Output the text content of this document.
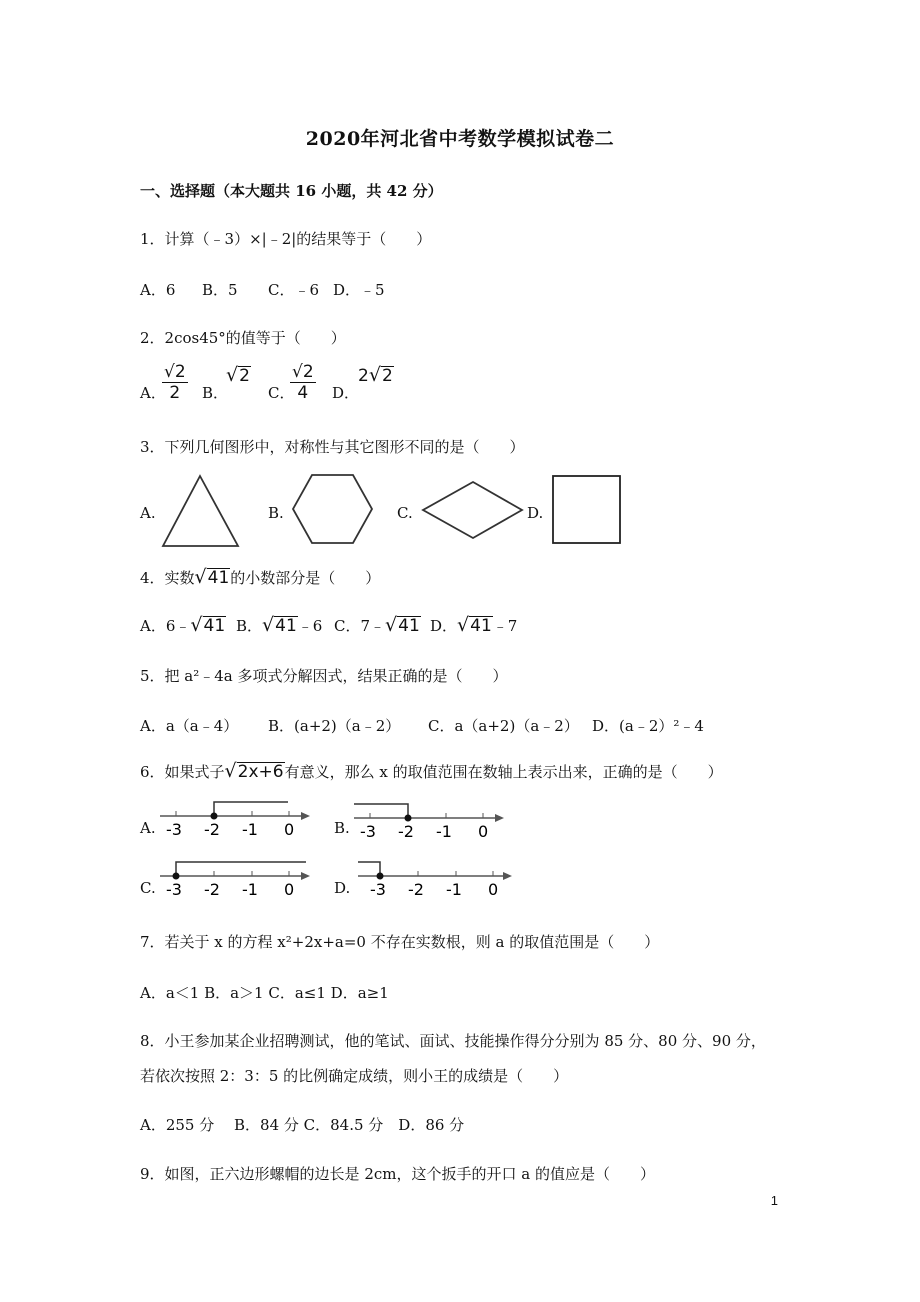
2020年河北省中考数学模拟试卷二
一、选择题（本大题共 16 小题，共 42 分）
1．计算（﹣3）×|﹣2|的结果等于（　　）
A．6 B．5 C．﹣6 D．﹣5
2．2cos45°的值等于（　　）
A．
$\frac{√2}{2}$ B．
√2
C．
$\frac{√2}{4}$ D．
2√2
3．下列几何图形中，对称性与其它图形不同的是（　　）
A.	B.	C.	D.
4．实数√41的小数部分是（　　）
A．6﹣√41 B．√41﹣6 C．7﹣√41 D．√41﹣7
5．把 a²﹣4a 多项式分解因式，结果正确的是（　　）
A．a（a﹣4） B．(a+2)（a﹣2） C．a（a+2)（a﹣2） D．(a﹣2）²﹣4
6．如果式子√2x+6有意义，那么 x 的取值范围在数轴上表示出来，正确的是（　　）
A. -3 -2 -1 0	B. -3 -2 -1 0
C. -3 -2 -1 0	D. -3 -2 -1 0
7．若关于 x 的方程 x²+2x+a=0 不存在实数根，则 a 的取值范围是（　　）
A．a＜1 B．a＞1 C．a≤1 D．a≥1
8．小王参加某企业招聘测试，他的笔试、面试、技能操作得分分别为 85 分、80 分、90 分，
若依次按照 2：3：5 的比例确定成绩，则小王的成绩是（　　）
A．255 分　 B．84 分 C．84.5 分　D．86 分
9．如图，正六边形螺帽的边长是 2cm，这个扳手的开口 a 的值应是（　　）
1
